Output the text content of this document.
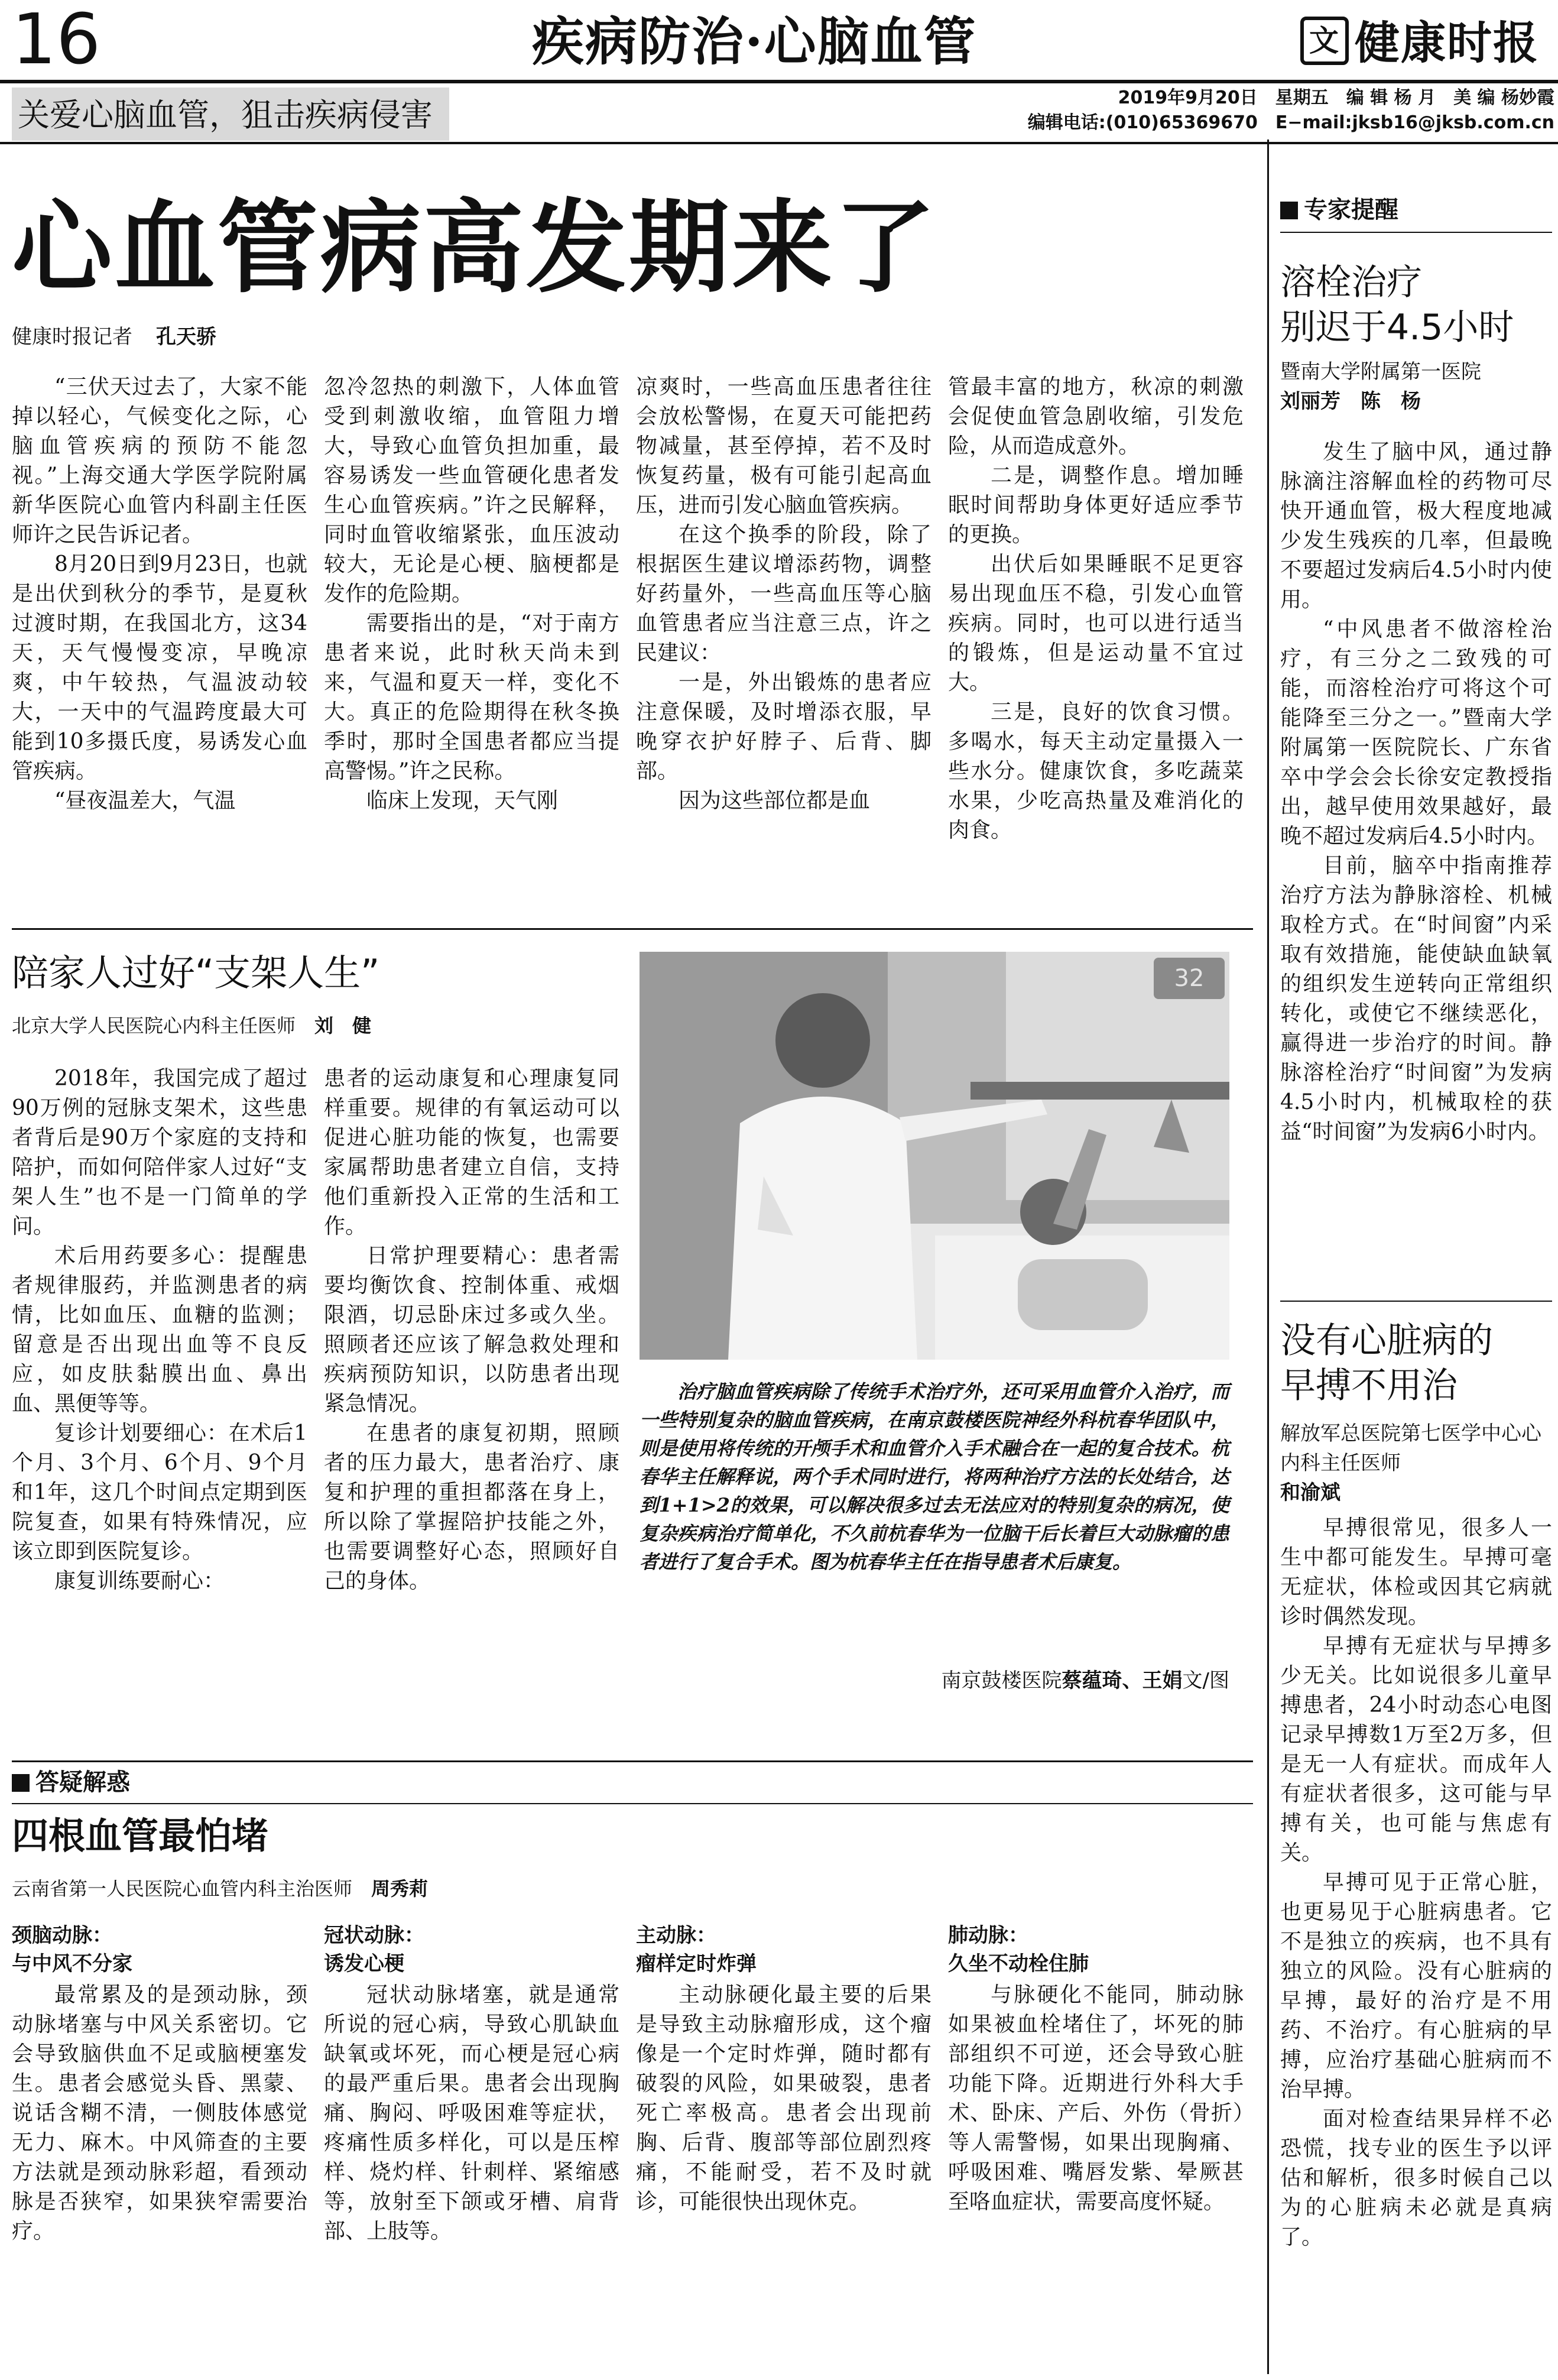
16	疾病防治·心脑血管	文 健康时报
关爱心脑血管，狙击疾病侵害	2019年9月20日　星期五　编 辑 杨 月　美 编 杨妙霞
编辑电话:(010)65369670　E−mail:jksb16@jksb.com.cn
心血管病高发期来了
健康时报记者 孔天骄

“三伏天过去了，大家不能掉以轻心，气候变化之际，心脑血管疾病的预防不能忽视。”上海交通大学医学院附属新华医院心血管内科副主任医师许之民告诉记者。

8月20日到9月23日，也就是出伏到秋分的季节，是夏秋过渡时期，在我国北方，这34天，天气慢慢变凉，早晚凉爽，中午较热，气温波动较大，一天中的气温跨度最大可能到10多摄氏度，易诱发心血管疾病。

“昼夜温差大，气温

忽冷忽热的刺激下，人体血管受到刺激收缩，血管阻力增大，导致心血管负担加重，最容易诱发一些血管硬化患者发生心血管疾病。”许之民解释，同时血管收缩紧张，血压波动较大，无论是心梗、脑梗都是发作的危险期。

需要指出的是，“对于南方患者来说，此时秋天尚未到来，气温和夏天一样，变化不大。真正的危险期得在秋冬换季时，那时全国患者都应当提高警惕。”许之民称。

临床上发现，天气刚

凉爽时，一些高血压患者往往会放松警惕，在夏天可能把药物减量，甚至停掉，若不及时恢复药量，极有可能引起高血压，进而引发心脑血管疾病。

在这个换季的阶段，除了根据医生建议增添药物，调整好药量外，一些高血压等心脑血管患者应当注意三点，许之民建议：

一是，外出锻炼的患者应注意保暖，及时增添衣服，早晚穿衣护好脖子、后背、脚部。

因为这些部位都是血

管最丰富的地方，秋凉的刺激会促使血管急剧收缩，引发危险，从而造成意外。

二是，调整作息。增加睡眠时间帮助身体更好适应季节的更换。

出伏后如果睡眠不足更容易出现血压不稳，引发心血管疾病。同时，也可以进行适当的锻炼，但是运动量不宜过大。

三是，良好的饮食习惯。多喝水，每天主动定量摄入一些水分。健康饮食，多吃蔬菜水果，少吃高热量及难消化的肉食。

陪家人过好“支架人生”
北京大学人民医院心内科主任医师　 刘　健

2018年，我国完成了超过90万例的冠脉支架术，这些患者背后是90万个家庭的支持和陪护，而如何陪伴家人过好“支架人生”也不是一门简单的学问。

术后用药要多心：提醒患者规律服药，并监测患者的病情，比如血压、血糖的监测；留意是否出现出血等不良反应，如皮肤黏膜出血、鼻出血、黑便等等。

复诊计划要细心：在术后1个月、3个月、6个月、9个月和1年，这几个时间点定期到医院复查，如果有特殊情况，应该立即到医院复诊。

康复训练要耐心：

患者的运动康复和心理康复同样重要。规律的有氧运动可以促进心脏功能的恢复，也需要家属帮助患者建立自信，支持他们重新投入正常的生活和工作。

日常护理要精心：患者需要均衡饮食、控制体重、戒烟限酒，切忌卧床过多或久坐。照顾者还应该了解急救处理和疾病预防知识，以防患者出现紧急情况。

在患者的康复初期，照顾者的压力最大，患者治疗、康复和护理的重担都落在身上，所以除了掌握陪护技能之外，也需要调整好心态，照顾好自己的身体。

32

治疗脑血管疾病除了传统手术治疗外，还可采用血管介入治疗，而一些特别复杂的脑血管疾病，在南京鼓楼医院神经外科杭春华团队中，则是使用将传统的开颅手术和血管介入手术融合在一起的复合技术。杭春华主任解释说，两个手术同时进行，将两种治疗方法的长处结合，达到1+1>2的效果，可以解决很多过去无法应对的特别复杂的病况，使复杂疾病治疗简单化，不久前杭春华为一位脑干后长着巨大动脉瘤的患者进行了复合手术。图为杭春华主任在指导患者术后康复。

南京鼓楼医院蔡蕴琦、王娟文/图
答疑解惑
四根血管最怕堵
云南省第一人民医院心血管内科主治医师　 周秀莉
颈脑动脉：
与中风不分家

最常累及的是颈动脉，颈动脉堵塞与中风关系密切。它会导致脑供血不足或脑梗塞发生。患者会感觉头昏、黑蒙、说话含糊不清，一侧肢体感觉无力、麻木。中风筛查的主要方法就是颈动脉彩超，看颈动脉是否狭窄，如果狭窄需要治疗。

冠状动脉：
诱发心梗

冠状动脉堵塞，就是通常所说的冠心病，导致心肌缺血缺氧或坏死，而心梗是冠心病的最严重后果。患者会出现胸痛、胸闷、呼吸困难等症状，疼痛性质多样化，可以是压榨样、烧灼样、针刺样、紧缩感等，放射至下颌或牙槽、肩背部、上肢等。

主动脉：
瘤样定时炸弹

主动脉硬化最主要的后果是导致主动脉瘤形成，这个瘤像是一个定时炸弹，随时都有破裂的风险，如果破裂，患者死亡率极高。患者会出现前胸、后背、腹部等部位剧烈疼痛，不能耐受，若不及时就诊，可能很快出现休克。

肺动脉：
久坐不动栓住肺

与脉硬化不能同，肺动脉如果被血栓堵住了，坏死的肺部组织不可逆，还会导致心脏功能下降。近期进行外科大手术、卧床、产后、外伤（骨折）等人需警惕，如果出现胸痛、呼吸困难、嘴唇发紫、晕厥甚至咯血症状，需要高度怀疑。

专家提醒
溶栓治疗
别迟于4.5小时
暨南大学附属第一医院
刘丽芳　陈　杨

发生了脑中风，通过静脉滴注溶解血栓的药物可尽快开通血管，极大程度地减少发生残疾的几率，但最晚不要超过发病后4.5小时内使用。

“中风患者不做溶栓治疗，有三分之二致残的可能，而溶栓治疗可将这个可能降至三分之一。”暨南大学附属第一医院院长、广东省卒中学会会长徐安定教授指出，越早使用效果越好，最晚不超过发病后4.5小时内。

目前，脑卒中指南推荐治疗方法为静脉溶栓、机械取栓方式。在“时间窗”内采取有效措施，能使缺血缺氧的组织发生逆转向正常组织转化，或使它不继续恶化，赢得进一步治疗的时间。静脉溶栓治疗“时间窗”为发病4.5小时内，机械取栓的获益“时间窗”为发病6小时内。

没有心脏病的
早搏不用治
解放军总医院第七医学中心心内科主任医师
和渝斌

早搏很常见，很多人一生中都可能发生。早搏可毫无症状，体检或因其它病就诊时偶然发现。

早搏有无症状与早搏多少无关。比如说很多儿童早搏患者，24小时动态心电图记录早搏数1万至2万多，但是无一人有症状。而成年人有症状者很多，这可能与早搏有关，也可能与焦虑有关。

早搏可见于正常心脏，也更易见于心脏病患者。它不是独立的疾病，也不具有独立的风险。没有心脏病的早搏，最好的治疗是不用药、不治疗。有心脏病的早搏，应治疗基础心脏病而不治早搏。

面对检查结果异样不必恐慌，找专业的医生予以评估和解析，很多时候自己以为的心脏病未必就是真病了。
